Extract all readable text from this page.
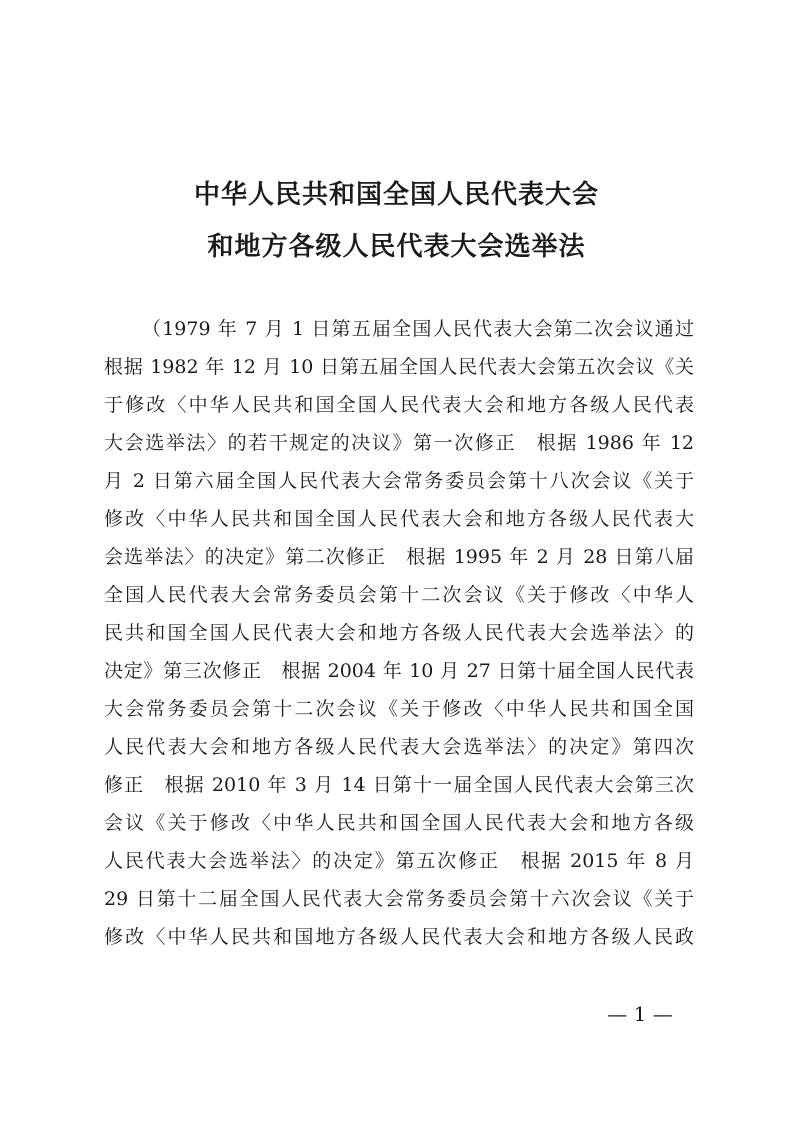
中华人民共和国全国人民代表大会
和地方各级人民代表大会选举法
（1979 年 7 月 1 日第五届全国人民代表大会第二次会议通过
根据 1982 年 12 月 10 日第五届全国人民代表大会第五次会议《关
于修改〈中华人民共和国全国人民代表大会和地方各级人民代表
大会选举法〉的若干规定的决议》第一次修正　根据 1986 年 12
月 2 日第六届全国人民代表大会常务委员会第十八次会议《关于
修改〈中华人民共和国全国人民代表大会和地方各级人民代表大
会选举法〉的决定》第二次修正　根据 1995 年 2 月 28 日第八届
全国人民代表大会常务委员会第十二次会议《关于修改〈中华人
民共和国全国人民代表大会和地方各级人民代表大会选举法〉的
决定》第三次修正　根据 2004 年 10 月 27 日第十届全国人民代表
大会常务委员会第十二次会议《关于修改〈中华人民共和国全国
人民代表大会和地方各级人民代表大会选举法〉的决定》第四次
修正　根据 2010 年 3 月 14 日第十一届全国人民代表大会第三次
会议《关于修改〈中华人民共和国全国人民代表大会和地方各级
人民代表大会选举法〉的决定》第五次修正　根据 2015 年 8 月
29 日第十二届全国人民代表大会常务委员会第十六次会议《关于
修改〈中华人民共和国地方各级人民代表大会和地方各级人民政
— 1 —
